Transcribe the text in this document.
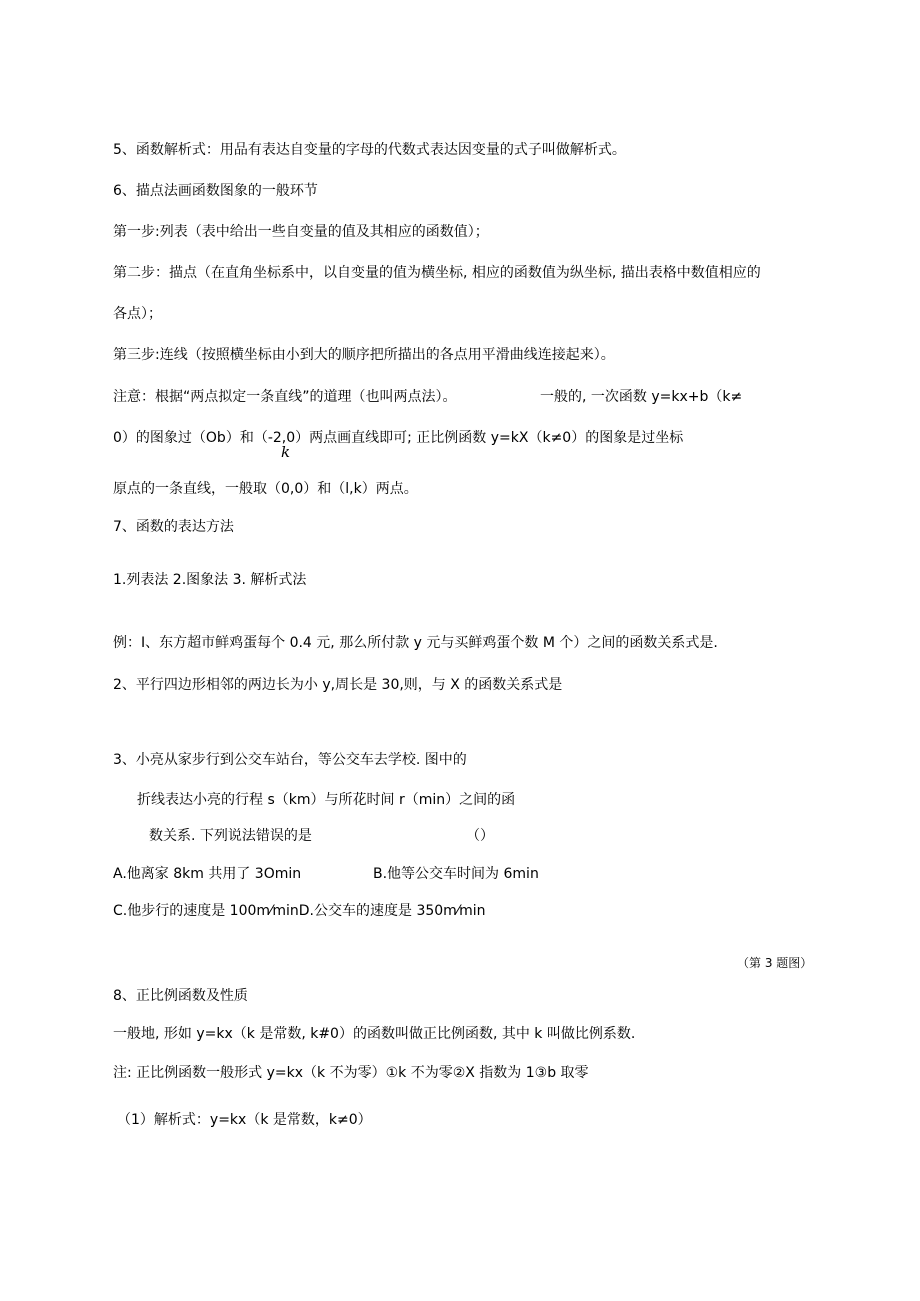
5、函数解析式：用品有表达自变量的字母的代数式表达因变量的式子叫做解析式。
6、描点法画函数图象的一般环节
第一步:列表（表中给出一些自变量的值及其相应的函数值）；
第二步：描点（在直角坐标系中，以自变量的值为横坐标, 相应的函数值为纵坐标, 描出表格中数值相应的
各点）；
第三步:连线（按照横坐标由小到大的顺序把所描出的各点用平滑曲线连接起来）。
注意：根据“两点拟定一条直线”的道理（也叫两点法）。	一般的, 一次函数 y=kx+b（k≠
0）的图象过（Ob）和（-2,0）两点画直线即可; 正比例函数 y=kX（k≠0）的图象是过坐标
k
原点的一条直线，一般取（0,0）和（l,k）两点。
7、函数的表达方法
1.列表法 2.图象法 3. 解析式法
例：Ⅰ、东方超市鲜鸡蛋每个 0.4 元, 那么所付款 y 元与买鲜鸡蛋个数 M 个）之间的函数关系式是.
2、平行四边形相邻的两边长为小 y,周长是 30,则，与 X 的函数关系式是
3、小亮从家步行到公交车站台，等公交车去学校. 图中的
折线表达小亮的行程 s（km）与所花时间 r（min）之间的函
数关系. 下列说法错误的是	（）
A.他离家 8km 共用了 3Omin	B.他等公交车时间为 6min
C.他步行的速度是 100m⁄minD.公交车的速度是 350m⁄min
（第 3 题图）
8、正比例函数及性质
一般地, 形如 y=kx（k 是常数, k#0）的函数叫做正比例函数, 其中 k 叫做比例系数.
注: 正比例函数一般形式 y=kx（k 不为零）①k 不为零②X 指数为 1③b 取零
（1）解析式：y=kx（k 是常数，k≠0）
